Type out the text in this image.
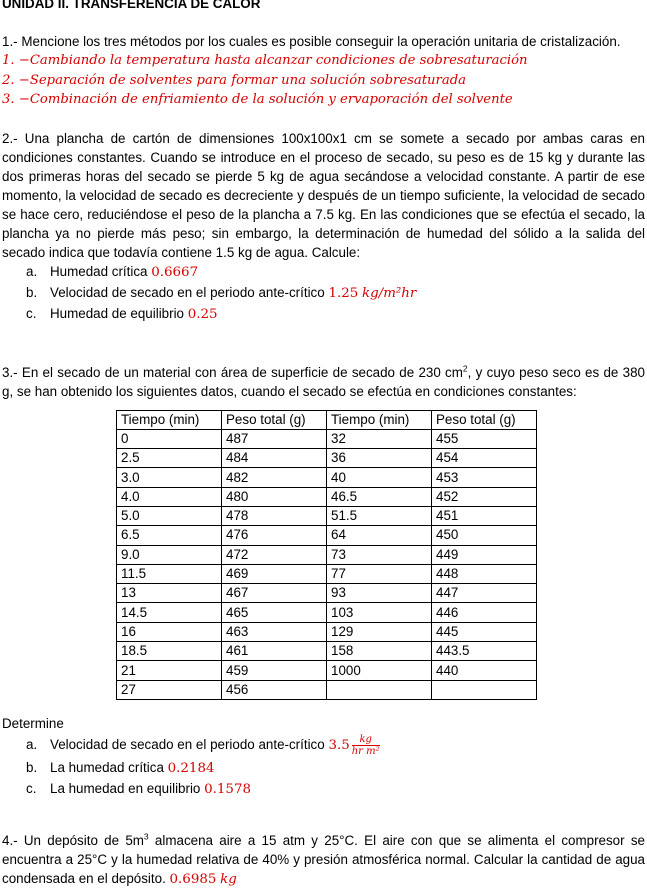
UNIDAD II. TRANSFERENCIA DE CALOR

1.- Mencione los tres métodos por los cuales es posible conseguir la operación unitaria de cristalización.

1. −Cambiando la temperatura hasta alcanzar condiciones de sobresaturación
2. −Separación de solventes para formar una solución sobresaturada
3. −Combinación de enfriamiento de la solución y ervaporación del solvente

2.- Una plancha de cartón de dimensiones 100x100x1 cm se somete a secado por ambas caras en condiciones constantes. Cuando se introduce en el proceso de secado, su peso es de 15 kg y durante las dos primeras horas del secado se pierde 5 kg de agua secándose a velocidad constante. A partir de ese momento, la velocidad de secado es decreciente y después de un tiempo suficiente, la velocidad de secado se hace cero, reduciéndose el peso de la plancha a 7.5 kg. En las condiciones que se efectúa el secado, la plancha ya no pierde más peso; sin embargo, la determinación de humedad del sólido a la salida del secado indica que todavía contiene 1.5 kg de agua. Calcule:

a. Humedad crítica 0.6667
b. Velocidad de secado en el periodo ante-crítico 1.25 kg/m²hr
c. Humedad de equilibrio 0.25

3.- En el secado de un material con área de superficie de secado de 230 $cm^2$, y cuyo peso seco es de 380 g, se han obtenido los siguientes datos, cuando el secado se efectúa en condiciones constantes:

Tiempo (min)	Peso total (g)	Tiempo (min)	Peso total (g)
0	487	32	455
2.5	484	36	454
3.0	482	40	453
4.0	480	46.5	452
5.0	478	51.5	451
6.5	476	64	450
9.0	472	73	449
11.5	469	77	448
13	467	93	447
14.5	465	103	446
16	463	129	445
18.5	461	158	443.5
21	459	1000	440
27	456		
Determine
a. Velocidad de secado en el periodo ante-crítico $3.5 \frac{kg}{\text{hr m²}}$
b. La humedad crítica 0.2184
c. La humedad en equilibrio 0.1578

4.- Un depósito de $5m^3$ almacena aire a 15 atm y 25°C. El aire con que se alimenta el compresor se encuentra a 25°C y la humedad relativa de 40% y presión atmosférica normal. Calcular la cantidad de agua condensada en el depósito. 0.6985 kg
